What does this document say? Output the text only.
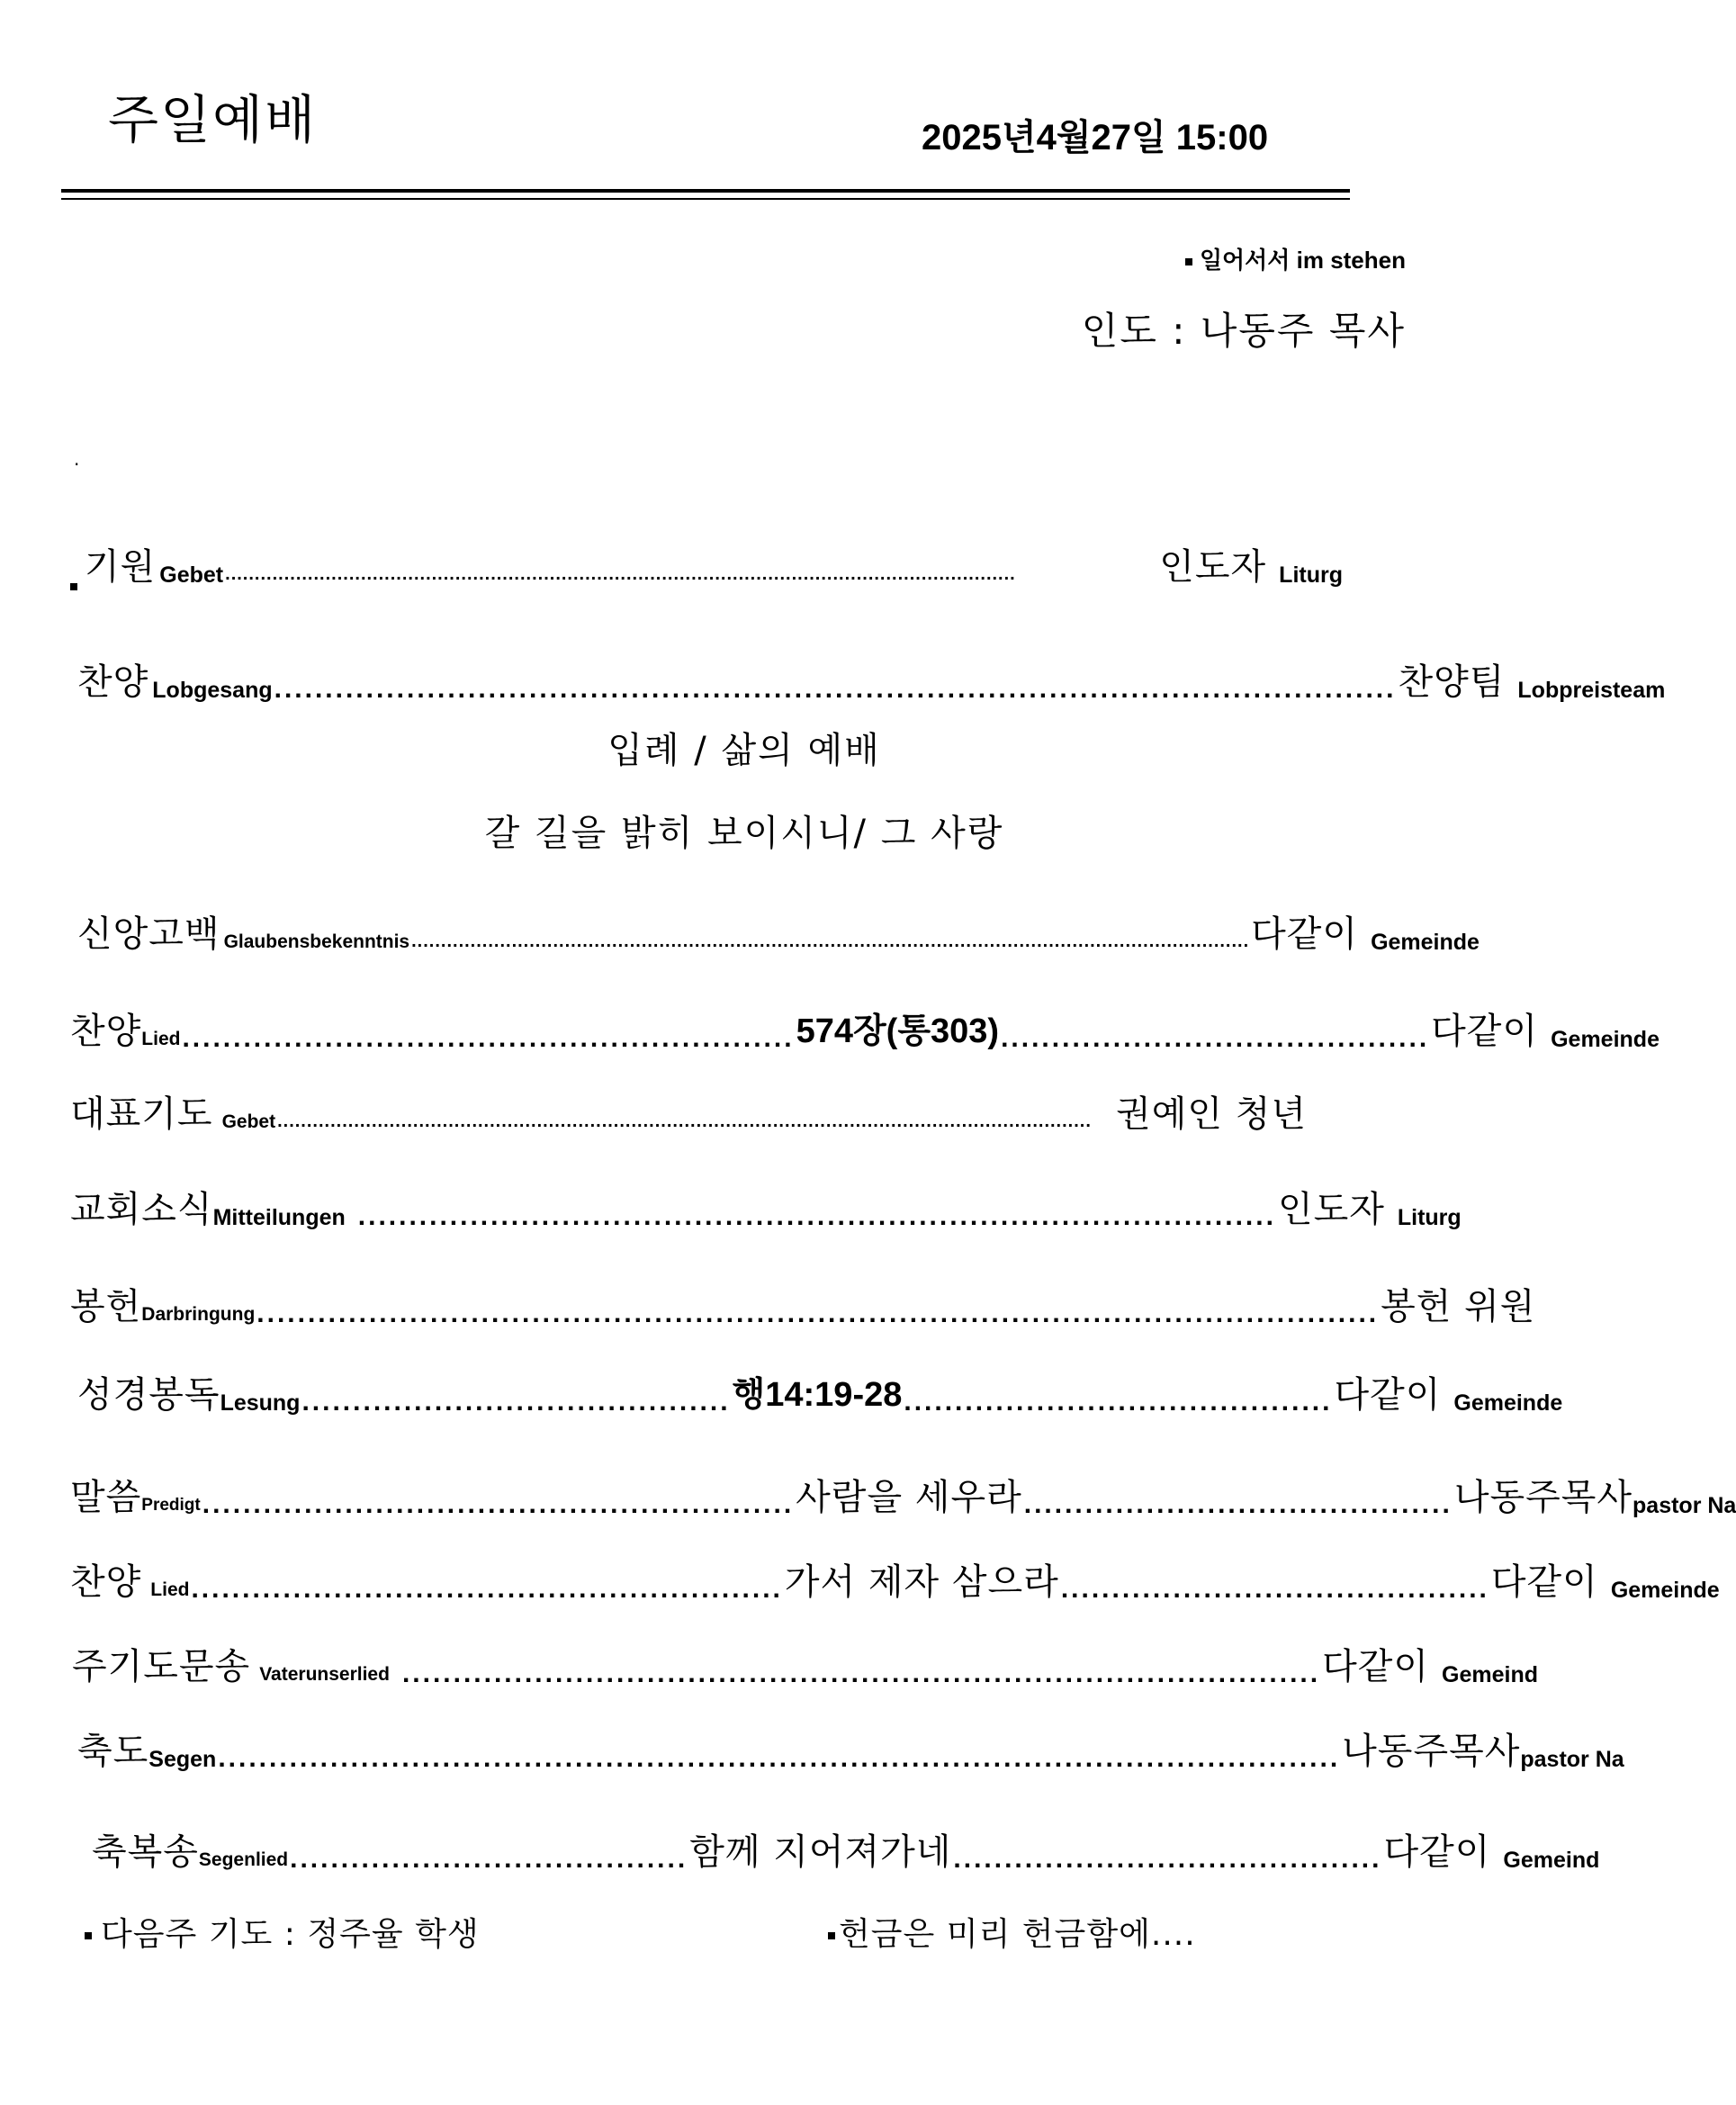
주일예배	2025년4월27일 15:00
일어서서 im stehen
인도 : 나동주 목사
.
기원 Gebet ......................................................................................................................................	인도자 Liturg
찬양 Lobgesang .............................................................................................................. 찬양팀 Lobpreisteam
입례 / 삶의 예배
갈 길을 밝히 보이시니/ 그 사랑
신앙고백 Glaubensbekenntnis .............................................................................................................................................. 다같이 Gemeinde
찬양 Lied ............................................................ 574장(통303) .......................................... 다같이 Gemeinde
대표기도 Gebet .......................................................................................................................................... 권예인 청년
교회소식 Mitteilungen .......................................................................................... 인도자 Liturg
봉헌 Darbringung .............................................................................................................. 봉헌 위원
성경봉독 Lesung .......................................... 행14:19-28 .......................................... 다같이 Gemeinde
말씀 Predigt .......................................................... 사람을 세우라 .......................................... 나동주목사 pastor Na
찬양 Lied .......................................................... 가서 제자 삼으라 .......................................... 다같이 Gemeinde
주기도문송 Vaterunserlied .......................................................................................... 다같이 Gemeind
축도 Segen .............................................................................................................. 나동주목사 pastor Na
축복송 Segenlied ....................................... 함께 지어져가네 .......................................... 다같이 Gemeind
다음주 기도 : 정주율 학생	헌금은 미리 헌금함에....
